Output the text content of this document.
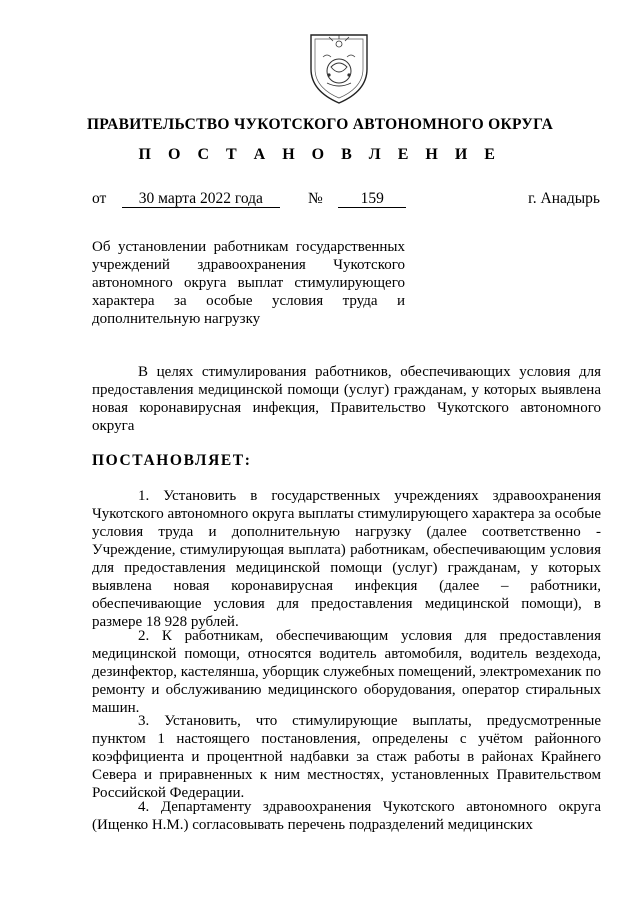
ПРАВИТЕЛЬСТВО ЧУКОТСКОГО АВТОНОМНОГО ОКРУГА
П О С Т А Н О В Л Е Н И Е
от 30 марта 2022 года	№ 159	г. Анадырь
Об установлении работникам государственных учреждений здравоохранения Чукотского автономного округа выплат стимулирующего характера за особые условия труда и дополнительную нагрузку

В целях стимулирования работников, обеспечивающих условия для предоставления медицинской помощи (услуг) гражданам, у которых выявлена новая коронавирусная инфекция, Правительство Чукотского автономного округа

ПОСТАНОВЛЯЕТ:

1. Установить в государственных учреждениях здравоохранения Чукотского автономного округа выплаты стимулирующего характера за особые условия труда и дополнительную нагрузку (далее соответственно - Учреждение, стимулирующая выплата) работникам, обеспечивающим условия для предоставления медицинской помощи (услуг) гражданам, у которых выявлена новая коронавирусная инфекция (далее – работники, обеспечивающие условия для предоставления медицинской помощи), в размере 18 928 рублей.

2. К работникам, обеспечивающим условия для предоставления медицинской помощи, относятся водитель автомобиля, водитель вездехода, дезинфектор, кастелянша, уборщик служебных помещений, электромеханик по ремонту и обслуживанию медицинского оборудования, оператор стиральных машин.

3. Установить, что стимулирующие выплаты, предусмотренные пунктом 1 настоящего постановления, определены с учётом районного коэффициента и процентной надбавки за стаж работы в районах Крайнего Севера и приравненных к ним местностях, установленных Правительством Российской Федерации.

4. Департаменту здравоохранения Чукотского автономного округа (Ищенко Н.М.) согласовывать перечень подразделений медицинских
